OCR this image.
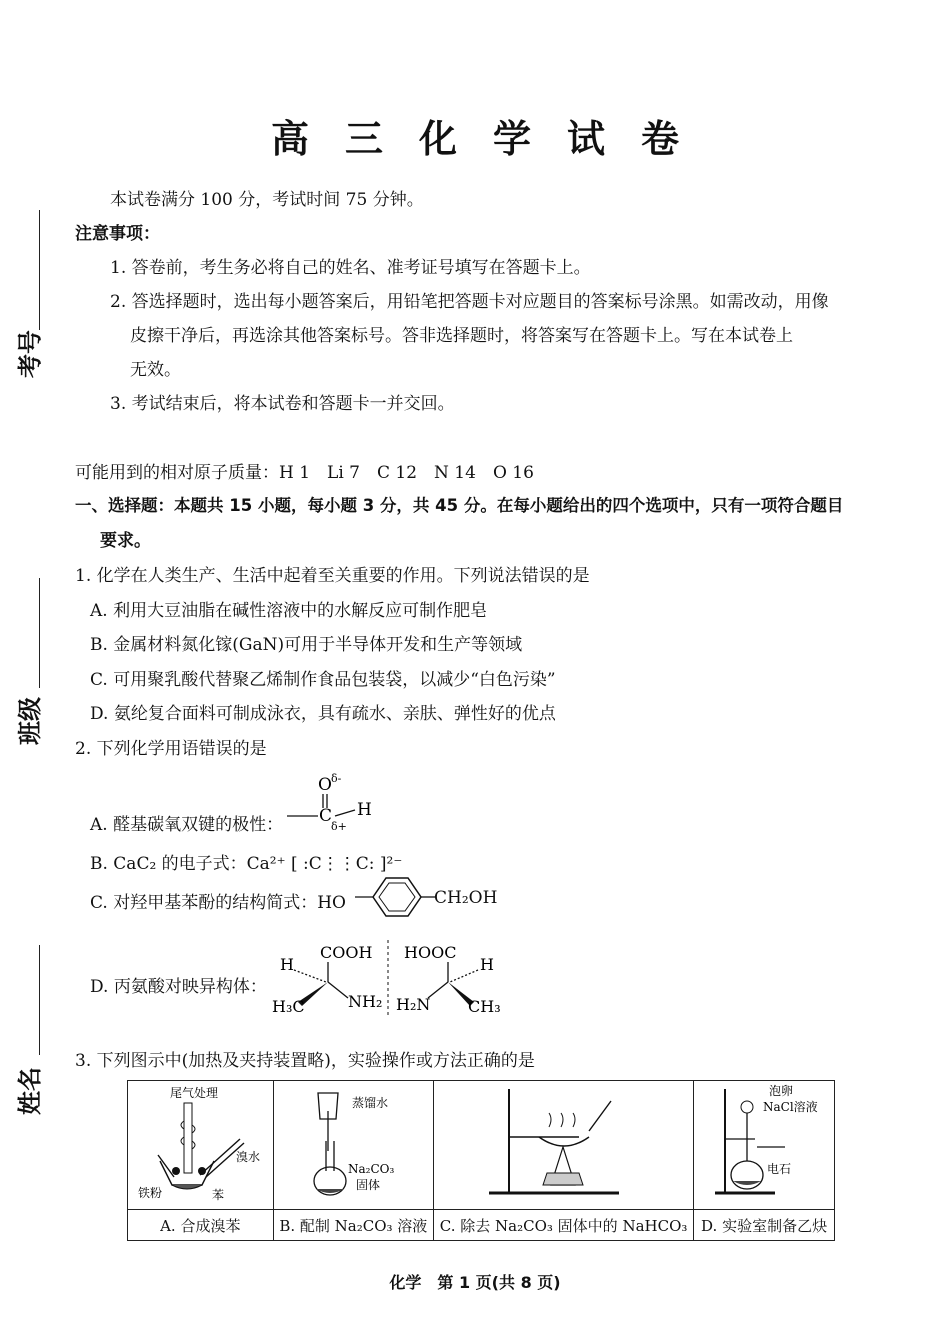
考号
班级
姓名
高 三 化 学 试 卷
本试卷满分 100 分，考试时间 75 分钟。
注意事项：
1. 答卷前，考生务必将自己的姓名、准考证号填写在答题卡上。
2. 答选择题时，选出每小题答案后，用铅笔把答题卡对应题目的答案标号涂黑。如需改动，用像
皮擦干净后，再选涂其他答案标号。答非选择题时，将答案写在答题卡上。写在本试卷上
无效。
3. 考试结束后，将本试卷和答题卡一并交回。
可能用到的相对原子质量：H 1　Li 7　C 12　N 14　O 16
一、选择题：本题共 15 小题，每小题 3 分，共 45 分。在每小题给出的四个选项中，只有一项符合题目
要求。
1. 化学在人类生产、生活中起着至关重要的作用。下列说法错误的是
A. 利用大豆油脂在碱性溶液中的水解反应可制作肥皂
B. 金属材料氮化镓(GaN)可用于半导体开发和生产等领域
C. 可用聚乳酸代替聚乙烯制作食品包装袋，以减少“白色污染”
D. 氨纶复合面料可制成泳衣，具有疏水、亲肤、弹性好的优点
2. 下列化学用语错误的是
A. 醛基碳氧双键的极性：
O δ-
C
δ+
H
B. CaC₂ 的电子式：Ca²⁺ [ :C⋮⋮C: ]²⁻
C. 对羟甲基苯酚的结构简式：HO	CH₂OH
D. 丙氨酸对映异构体：
COOH
H
H₃C	NH₂
HOOC
H
H₂N CH₃
3. 下列图示中(加热及夹持装置略)，实验操作或方法正确的是
尾气处理
溴水
铁粉 苯	蒸馏水
Na₂CO₃
固体		泡卵
NaCl溶液
电石

A. 合成溴苯	B. 配制 Na₂CO₃ 溶液	C. 除去 Na₂CO₃ 固体中的 NaHCO₃	D. 实验室制备乙炔
化学　第 1 页(共 8 页)
